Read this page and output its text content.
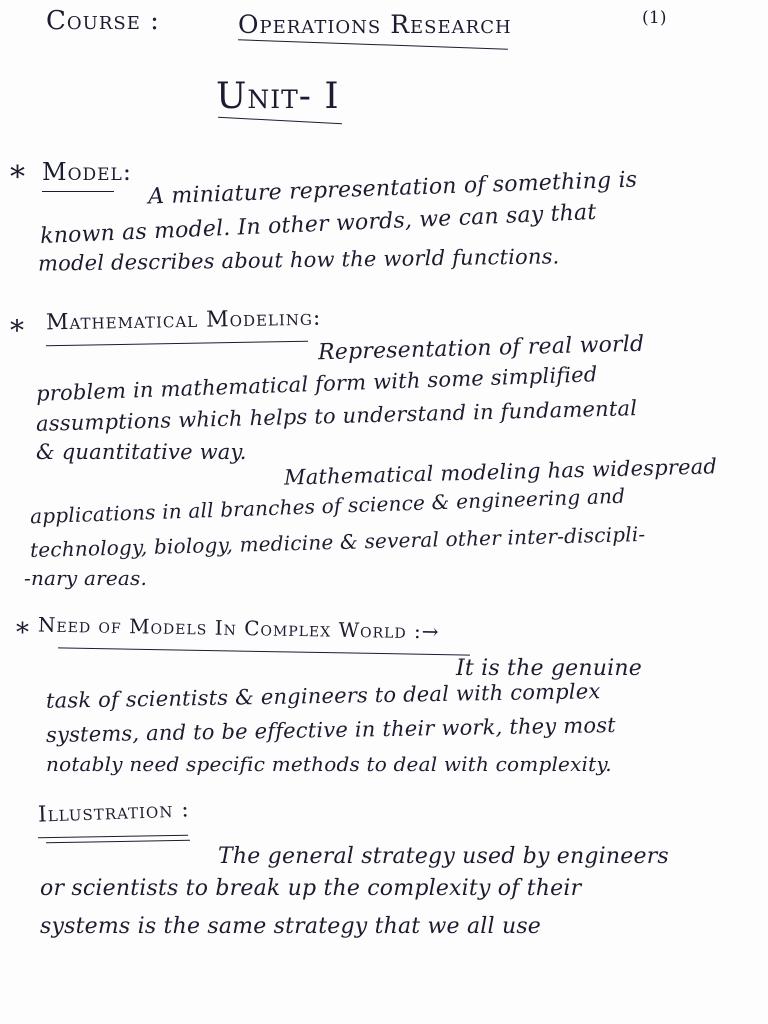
Course :	Operations Research	(1)
Unit- I
* Model: A miniature representation of something is
known as model. In other words, we can say that
model describes about how the world functions.
* Mathematical Modeling:
Representation of real world
problem in mathematical form with some simplified
assumptions which helps to understand in fundamental
& quantitative way.
Mathematical modeling has widespread
applications in all branches of science & engineering and
technology, biology, medicine & several other inter-discipli-
-nary areas.
* Need of Models In Complex World :→
It is the genuine
task of scientists & engineers to deal with complex
systems, and to be effective in their work, they most
notably need specific methods to deal with complexity.
Illustration :
The general strategy used by engineers
or scientists to break up the complexity of their
systems is the same strategy that we all use
